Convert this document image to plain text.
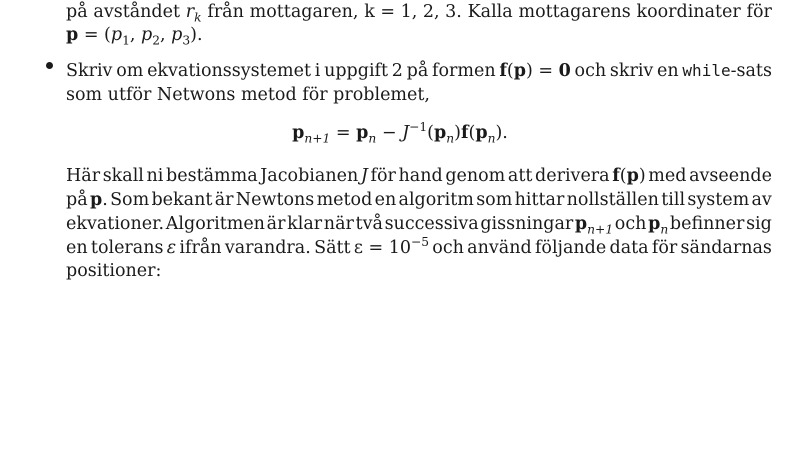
på avståndet $r_k$ från mottagaren, k = 1, 2, 3. Kalla mottagarens koordinater för
$p = (p_1$, $p_2$, $p_3$).
Skriv om ekvationssystemet i uppgift 2 på formen f(p) = 0 och skriv en while-sats
som utför Netwons metod för problemet,
$p_{n+1} = p_n - J^{-1}(p_n)f(p_n)$.
Här skall ni bestämma Jacobianen J för hand genom att derivera f(p) med avseende
på p. Som bekant är Newtons metod en algoritm som hittar nollställen till system av
ekvationer. Algoritmen är klar när två successiva gissningar $p_{n+1}$ och $p_n$ befinner sig
en tolerans ε ifrån varandra. Sätt $\varepsilon = 10^{-5}$ och använd följande data för sändarnas
positioner:
